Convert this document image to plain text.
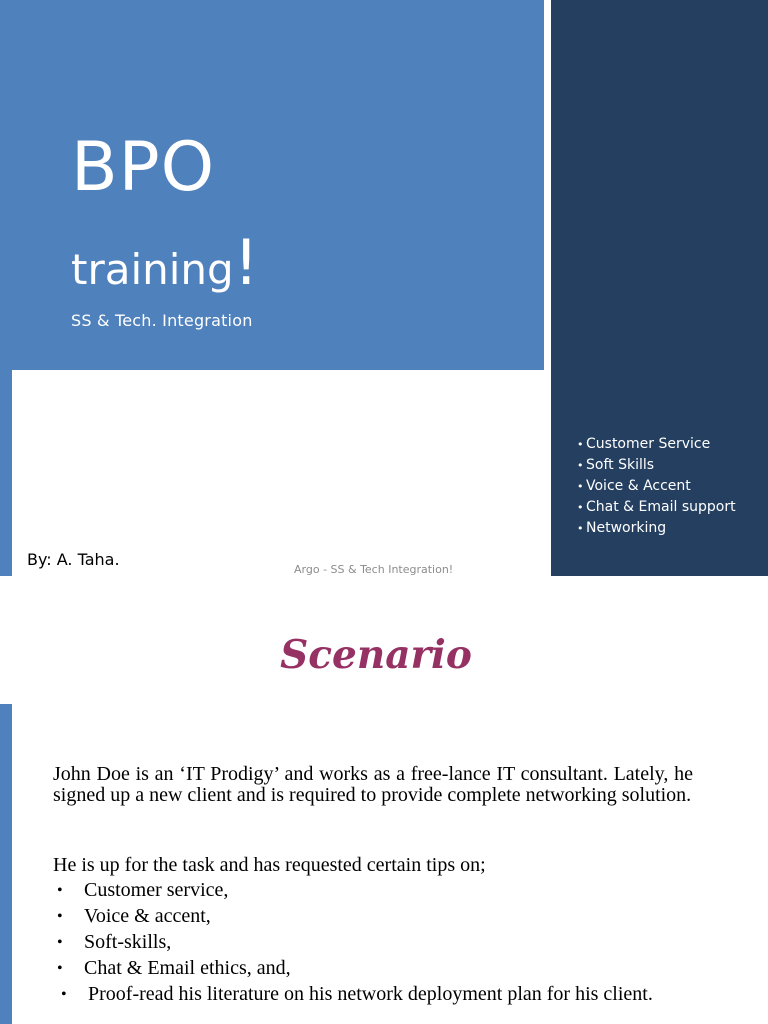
BPO
training!

SS & Tech. Integration

• Customer Service
• Soft Skills
• Voice & Accent
• Chat & Email support
• Networking

By: A. Taha.

Argo - SS & Tech Integration!

Scenario

John Doe is an ‘IT Prodigy’ and works as a free-lance IT consultant. Lately, he signed up a new client and is required to provide complete networking solution.

He is up for the task and has requested certain tips on;

• Customer service,
• Voice & accent,
• Soft-skills,
• Chat & Email ethics, and,
• Proof-read his literature on his network deployment plan for his client.
